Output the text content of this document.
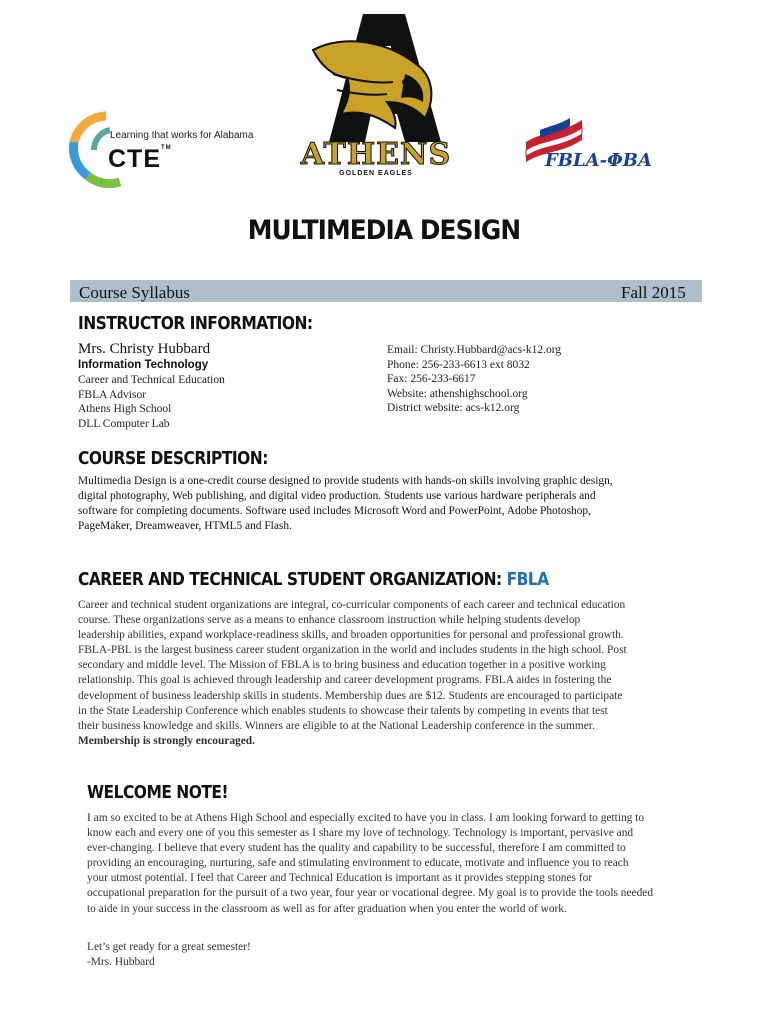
Learning that works for Alabama
CTE™	ATHENS
GOLDEN EAGLES
FBLA-ΦBA
MULTIMEDIA DESIGN
Course Syllabus	Fall 2015
INSTRUCTOR INFORMATION:
Mrs. Christy Hubbard
Information Technology
Career and Technical Education
FBLA Advisor
Athens High School
DLL Computer Lab
Email: Christy.Hubbard@acs-k12.org
Phone: 256-233-6613 ext 8032
Fax: 256-233-6617
Website: athenshighschool.org
District website: acs-k12.org
COURSE DESCRIPTION:
Multimedia Design is a one-credit course designed to provide students with hands-on skills involving graphic design,
digital photography, Web publishing, and digital video production. Students use various hardware peripherals and
software for completing documents. Software used includes Microsoft Word and PowerPoint, Adobe Photoshop,
PageMaker, Dreamweaver, HTML5 and Flash.
CAREER AND TECHNICAL STUDENT ORGANIZATION: FBLA
Career and technical student organizations are integral, co-curricular components of each career and technical education
course. These organizations serve as a means to enhance classroom instruction while helping students develop
leadership abilities, expand workplace-readiness skills, and broaden opportunities for personal and professional growth.
FBLA-PBL is the largest business career student organization in the world and includes students in the high school. Post
secondary and middle level. The Mission of FBLA is to bring business and education together in a positive working
relationship. This goal is achieved through leadership and career development programs. FBLA aides in fostering the
development of business leadership skills in students. Membership dues are $12. Students are encouraged to participate
in the State Leadership Conference which enables students to showcase their talents by competing in events that test
their business knowledge and skills. Winners are eligible to at the National Leadership conference in the summer.
Membership is strongly encouraged.
WELCOME NOTE!
I am so excited to be at Athens High School and especially excited to have you in class. I am looking forward to getting to
know each and every one of you this semester as I share my love of technology. Technology is important, pervasive and
ever-changing. I believe that every student has the quality and capability to be successful, therefore I am committed to
providing an encouraging, nurturing, safe and stimulating environment to educate, motivate and influence you to reach
your utmost potential. I feel that Career and Technical Education is important as it provides stepping stones for
occupational preparation for the pursuit of a two year, four year or vocational degree. My goal is to provide the tools needed
to aide in your success in the classroom as well as for after graduation when you enter the world of work.
Let’s get ready for a great semester!
-Mrs. Hubbard
